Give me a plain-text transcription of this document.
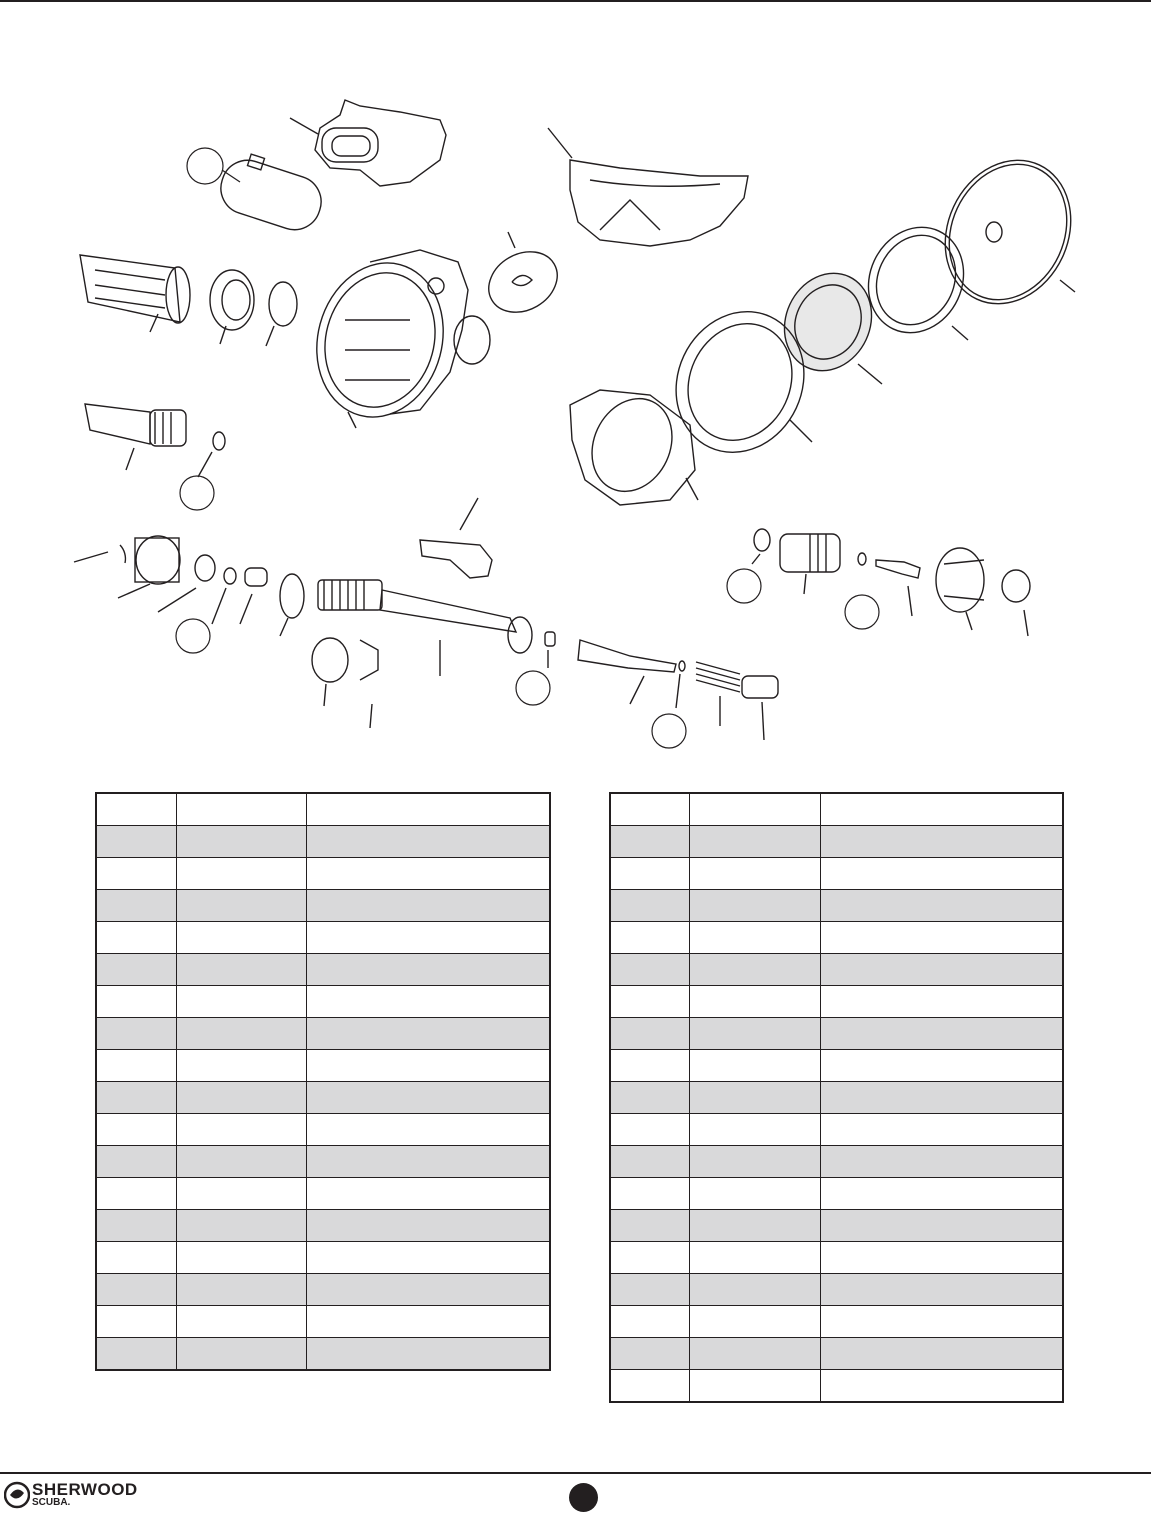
SHERWOOD
SCUBA.
